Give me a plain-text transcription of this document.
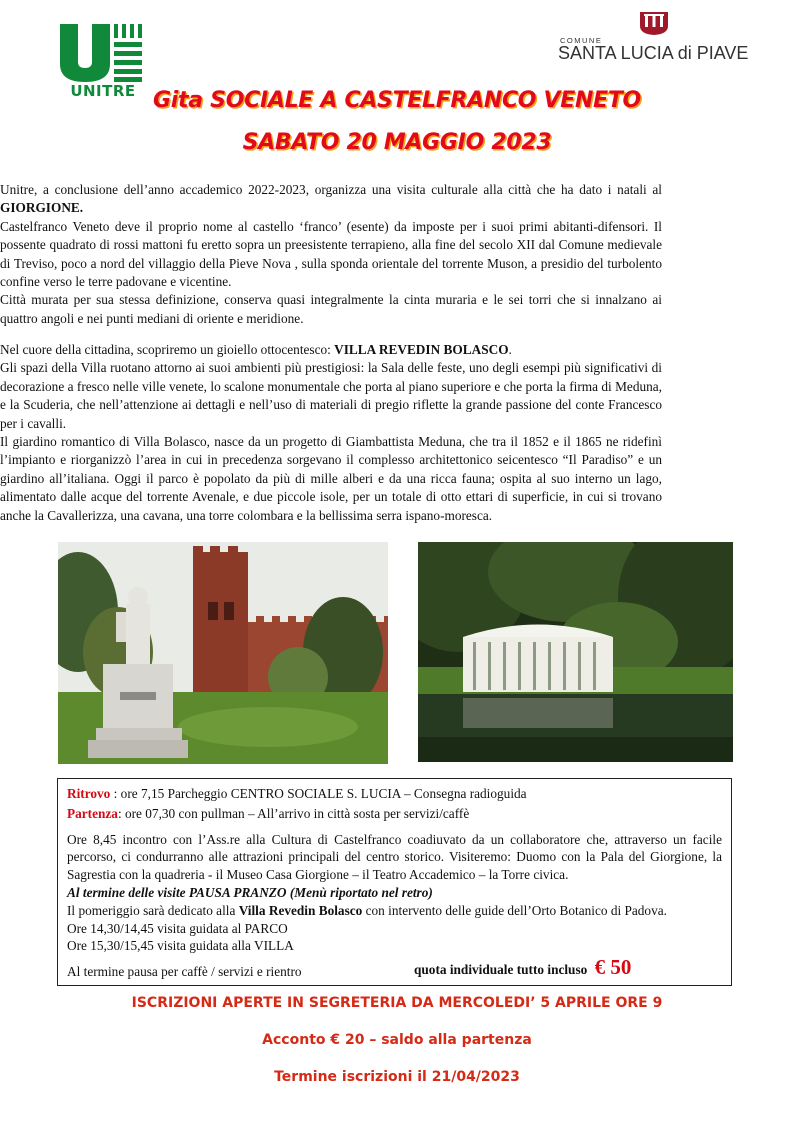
UNITRE
COMUNE
SANTA LUCIA di PIAVE
Gita SOCIALE A CASTELFRANCO VENETO
SABATO 20 MAGGIO 2023

Unitre, a conclusione dell’anno accademico 2022-2023, organizza una visita culturale alla città che ha dato i natali al GIORGIONE.

Castelfranco Veneto deve il proprio nome al castello ‘franco’ (esente) da imposte per i suoi primi abitanti-difensori. Il possente quadrato di rossi mattoni fu eretto sopra un preesistente terrapieno, alla fine del secolo XII dal Comune medievale di Treviso, poco a nord del villaggio della Pieve Nova , sulla sponda orientale del torrente Muson, a presidio del turbolento confine verso le terre padovane e vicentine.

Città murata per sua stessa definizione, conserva quasi integralmente la cinta muraria e le sei torri che si innalzano ai quattro angoli e nei punti mediani di oriente e meridione.

Nel cuore della cittadina, scopriremo un gioiello ottocentesco: VILLA REVEDIN BOLASCO.

Gli spazi della Villa ruotano attorno ai suoi ambienti più prestigiosi: la Sala delle feste, uno degli esempi più significativi di decorazione a fresco nelle ville venete, lo scalone monumentale che porta al piano superiore e che porta la firma di Meduna, e la Scuderia, che nell’attenzione ai dettagli e nell’uso di materiali di pregio riflette la grande passione del conte Francesco per i cavalli.

Il giardino romantico di Villa Bolasco, nasce da un progetto di Giambattista Meduna, che tra il 1852 e il 1865 ne ridefinì l’impianto e riorganizzò l’area in cui in precedenza sorgevano il complesso architettonico seicentesco “Il Paradiso” e un giardino all’italiana. Oggi il parco è popolato da più di mille alberi e da una ricca fauna; ospita al suo interno un lago, alimentato dalle acque del torrente Avenale, e due piccole isole, per un totale di otto ettari di superficie, in cui si trovano anche la Cavallerizza, una cavana, una torre colombara e la bellissima serra ispano-moresca.

Ritrovo : ore 7,15 Parcheggio CENTRO SOCIALE S. LUCIA – Consegna radioguida

Partenza: ore 07,30 con pullman – All’arrivo in città sosta per servizi/caffè

Ore 8,45 incontro con l’Ass.re alla Cultura di Castelfranco coadiuvato da un collaboratore che, attraverso un facile percorso, ci condurranno alle attrazioni principali del centro storico. Visiteremo: Duomo con la Pala del Giorgione, la Sagrestia con la quadreria - il Museo Casa Giorgione – il Teatro Accademico – la Torre civica.

Al termine delle visite PAUSA PRANZO (Menù riportato nel retro)

Il pomeriggio sarà dedicato alla Villa Revedin Bolasco con intervento delle guide dell’Orto Botanico di Padova.

Ore 14,30/14,45 visita guidata al PARCO

Ore 15,30/15,45 visita guidata alla VILLA

Al termine pausa per caffè / servizi e rientro	quota individuale tutto incluso € 50
ISCRIZIONI APERTE IN SEGRETERIA DA MERCOLEDI’ 5 APRILE ORE 9
Acconto € 20 – saldo alla partenza
Termine iscrizioni il 21/04/2023
